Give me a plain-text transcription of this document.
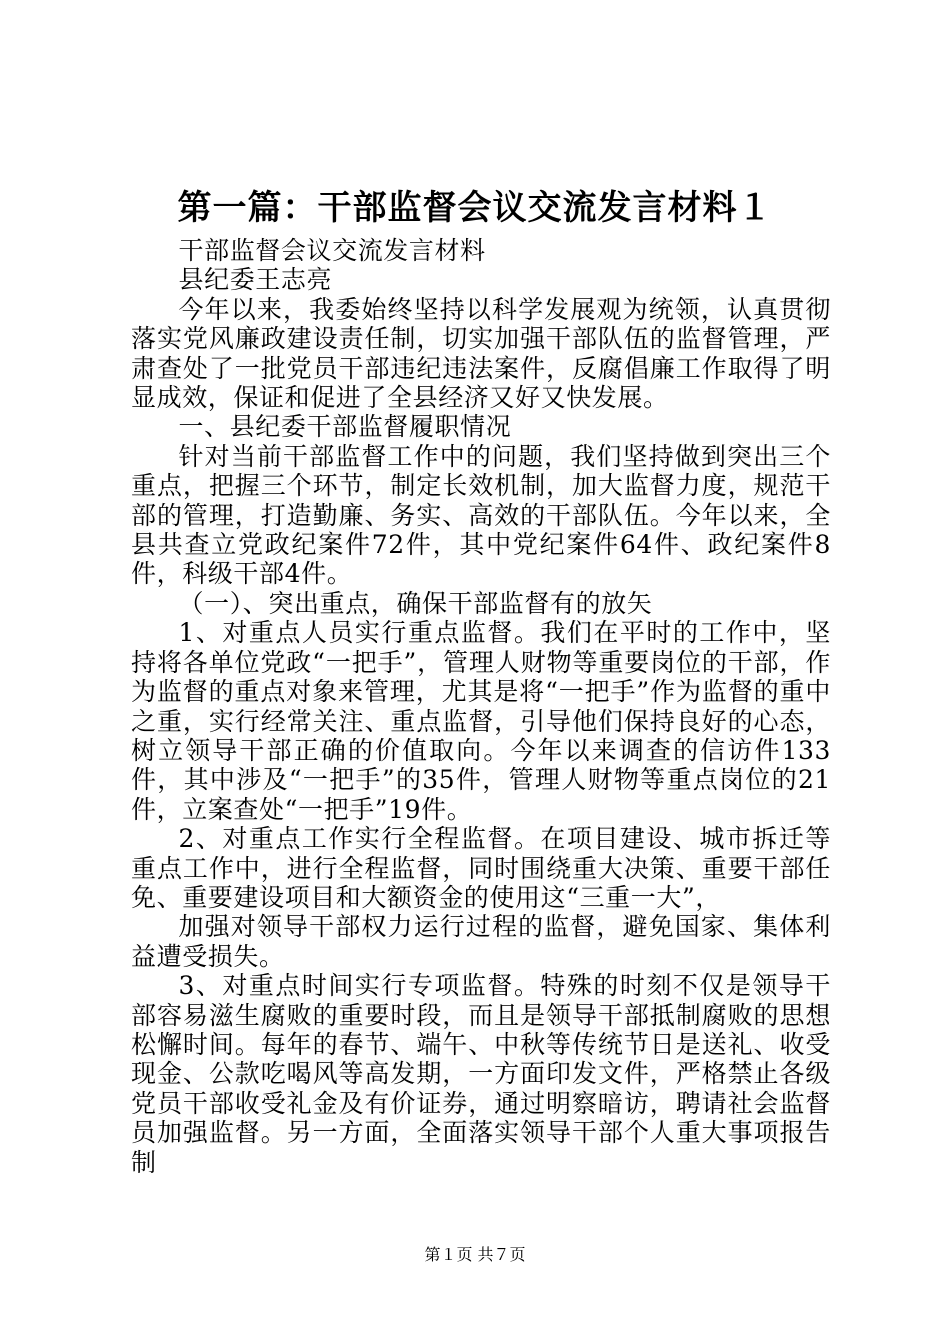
第一篇：干部监督会议交流发言材料１

干部监督会议交流发言材料

县纪委王志亮

今年以来，我委始终坚持以科学发展观为统领，认真贯彻落实党风廉政建设责任制，切实加强干部队伍的监督管理，严肃查处了一批党员干部违纪违法案件，反腐倡廉工作取得了明显成效，保证和促进了全县经济又好又快发展。

一、县纪委干部监督履职情况

针对当前干部监督工作中的问题，我们坚持做到突出三个重点，把握三个环节，制定长效机制，加大监督力度，规范干部的管理，打造勤廉、务实、高效的干部队伍。今年以来，全县共查立党政纪案件72件，其中党纪案件64件、政纪案件8件，科级干部4件。

（一）、突出重点，确保干部监督有的放矢

1、对重点人员实行重点监督。我们在平时的工作中，坚持将各单位党政“一把手”，管理人财物等重要岗位的干部，作为监督的重点对象来管理，尤其是将“一把手”作为监督的重中之重，实行经常关注、重点监督，引导他们保持良好的心态，树立领导干部正确的价值取向。今年以来调查的信访件133件，其中涉及“一把手”的35件，管理人财物等重点岗位的21件，立案查处“一把手”19件。

2、对重点工作实行全程监督。在项目建设、城市拆迁等重点工作中，进行全程监督，同时围绕重大决策、重要干部任免、重要建设项目和大额资金的使用这“三重一大”，

加强对领导干部权力运行过程的监督，避免国家、集体利益遭受损失。

3、对重点时间实行专项监督。特殊的时刻不仅是领导干部容易滋生腐败的重要时段，而且是领导干部抵制腐败的思想松懈时间。每年的春节、端午、中秋等传统节日是送礼、收受现金、公款吃喝风等高发期，一方面印发文件，严格禁止各级党员干部收受礼金及有价证券，通过明察暗访，聘请社会监督员加强监督。另一方面，全面落实领导干部个人重大事项报告制

第１页 共７页
